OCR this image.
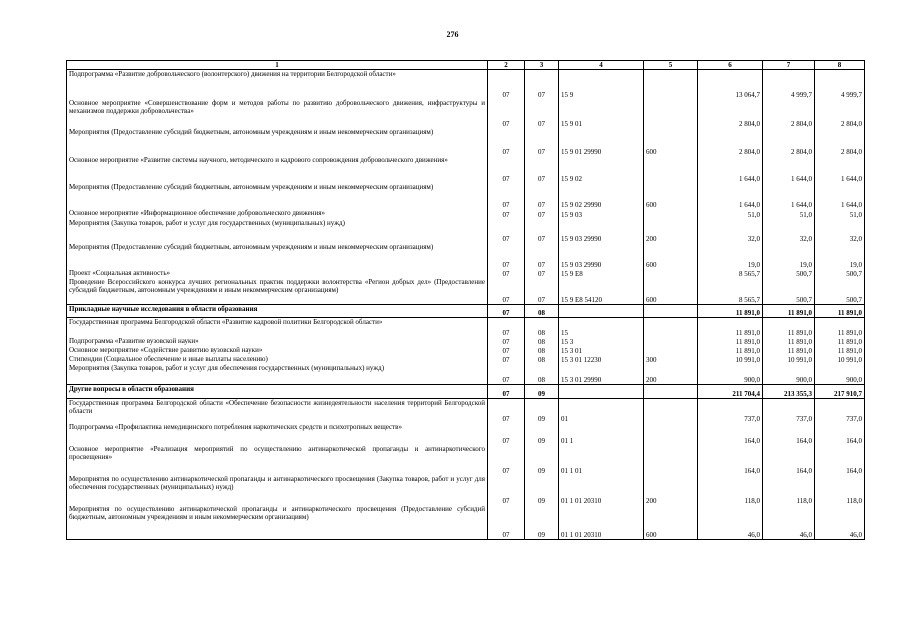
276
1	2	3	4	5	6	7	8
Подпрограмма «Развитие добровольческого (волонтерского) движения на территории Белгородской области»	07	07	15 9		13 064,7	4 999,7	4 999,7
Основное мероприятие «Совершенствование форм и методов работы по развитию добровольческого движения, инфраструктуры и механизмов поддержки добровольчества»	07	07	15 9 01		2 804,0	2 804,0	2 804,0
Мероприятия (Предоставление субсидий бюджетным, автономным учреждениям и иным некоммерческим организациям)	07	07	15 9 01 29990	600	2 804,0	2 804,0	2 804,0
Основное мероприятие «Развитие системы научного, методического и кадрового сопровождения добровольческого движения»	07	07	15 9 02		1 644,0	1 644,0	1 644,0
Мероприятия (Предоставление субсидий бюджетным, автономным учреждениям и иным некоммерческим организациям)	07	07	15 9 02 29990	600	1 644,0	1 644,0	1 644,0
Основное мероприятие «Информационное обеспечение добровольческого движения»	07	07	15 9 03		51,0	51,0	51,0
Мероприятия (Закупка товаров, работ и услуг для государственных (муниципальных) нужд)	07	07	15 9 03 29990	200	32,0	32,0	32,0
Мероприятия (Предоставление субсидий бюджетным, автономным учреждениям и иным некоммерческим организациям)	07	07	15 9 03 29990	600	19,0	19,0	19,0
Проект «Социальная активность»	07	07	15 9 E8		8 565,7	500,7	500,7
Проведение Всероссийского конкурса лучших региональных практик поддержки волонтерства «Регион добрых дел» (Предоставление субсидий бюджетным, автономным учреждениям и иным некоммерческим организациям)	07	07	15 9 E8 54120	600	8 565,7	500,7	500,7
Прикладные научные исследования в области образования	07	08			11 891,0	11 891,0	11 891,0
Государственная программа Белгородской области «Развитие кадровой политики Белгородской области»	07	08	15		11 891,0	11 891,0	11 891,0
Подпрограмма «Развитие вузовской науки»	07	08	15 3		11 891,0	11 891,0	11 891,0
Основное мероприятие «Содействие развитию вузовской науки»	07	08	15 3 01		11 891,0	11 891,0	11 891,0
Стипендии (Социальное обеспечение и иные выплаты населению)	07	08	15 3 01 12230	300	10 991,0	10 991,0	10 991,0
Мероприятия (Закупка товаров, работ и услуг для обеспечения государственных (муниципальных) нужд)	07	08	15 3 01 29990	200	900,0	900,0	900,0
Другие вопросы в области образования	07	09			211 704,4	213 355,3	217 910,7
Государственная программа Белгородской области «Обеспечение безопасности жизнедеятельности населения территорий Белгородской области	07	09	01		737,0	737,0	737,0
Подпрограмма «Профилактика немедицинского потребления наркотических средств и психотропных веществ»	07	09	01 1		164,0	164,0	164,0
Основное мероприятие «Реализация мероприятий по осуществлению антинаркотической пропаганды и антинаркотического просвещения»	07	09	01 1 01		164,0	164,0	164,0
Мероприятия по осуществлению антинаркотической пропаганды и антинаркотического просвещения (Закупка товаров, работ и услуг для обеспечения государственных (муниципальных) нужд)	07	09	01 1 01 20310	200	118,0	118,0	118,0
Мероприятия по осуществлению антинаркотической пропаганды и антинаркотического просвещения (Предоставление субсидий бюджетным, автономным учреждениям и иным некоммерческим организациям)	07	09	01 1 01 20310	600	46,0	46,0	46,0
